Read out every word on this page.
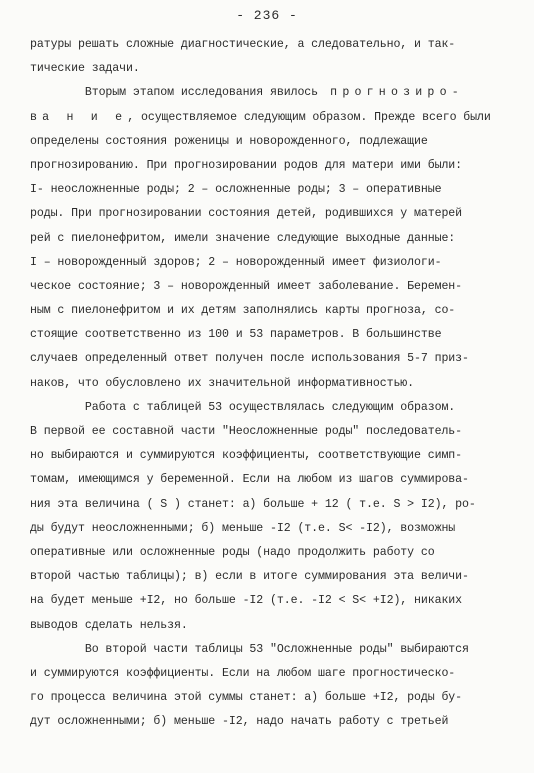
- 236 -
ратуры решать сложные диагностические, а следовательно, и так-
тические задачи.
Вторым этапом исследования явилось прогнозиро-
ва н и е, осуществляемое следующим образом. Прежде всего были
определены состояния роженицы и новорожденного, подлежащие
прогнозированию. При прогнозировании родов для матери ими были:
I- неосложненные роды; 2 – осложненные роды; 3 – оперативные
роды. При прогнозировании состояния детей, родившихся у матерей
рей с пиелонефритом, имели значение следующие выходные данные:
I – новорожденный здоров; 2 – новорожденный имеет физиологи-
ческое состояние; 3 – новорожденный имеет заболевание. Беремен-
ным с пиелонефритом и их детям заполнялись карты прогноза, со-
стоящие соответственно из 100 и 53 параметров. В большинстве
случаев определенный ответ получен после использования 5-7 приз-
наков, что обусловлено их значительной информативностью.
Работа с таблицей 53 осуществлялась следующим образом.
В первой ее составной части "Неосложненные роды" последователь-
но выбираются и суммируются коэффициенты, соответствующие симп-
томам, имеющимся у беременной. Если на любом из шагов суммирова-
ния эта величина ( S ) станет: а) больше + 12 ( т.е. S > I2), ро-
ды будут неосложненными; б) меньше -I2 (т.е. S< -I2), возможны
оперативные или осложненные роды (надо продолжить работу со
второй частью таблицы); в) если в итоге суммирования эта величи-
на будет меньше +I2, но больше -I2 (т.е. -I2 < S< +I2), никаких
выводов сделать нельзя.
Во второй части таблицы 53 "Осложненные роды" выбираются
и суммируются коэффициенты. Если на любом шаге прогностическо-
го процесса величина этой суммы станет: а) больше +I2, роды бу-
дут осложненными; б) меньше -I2, надо начать работу с третьей
